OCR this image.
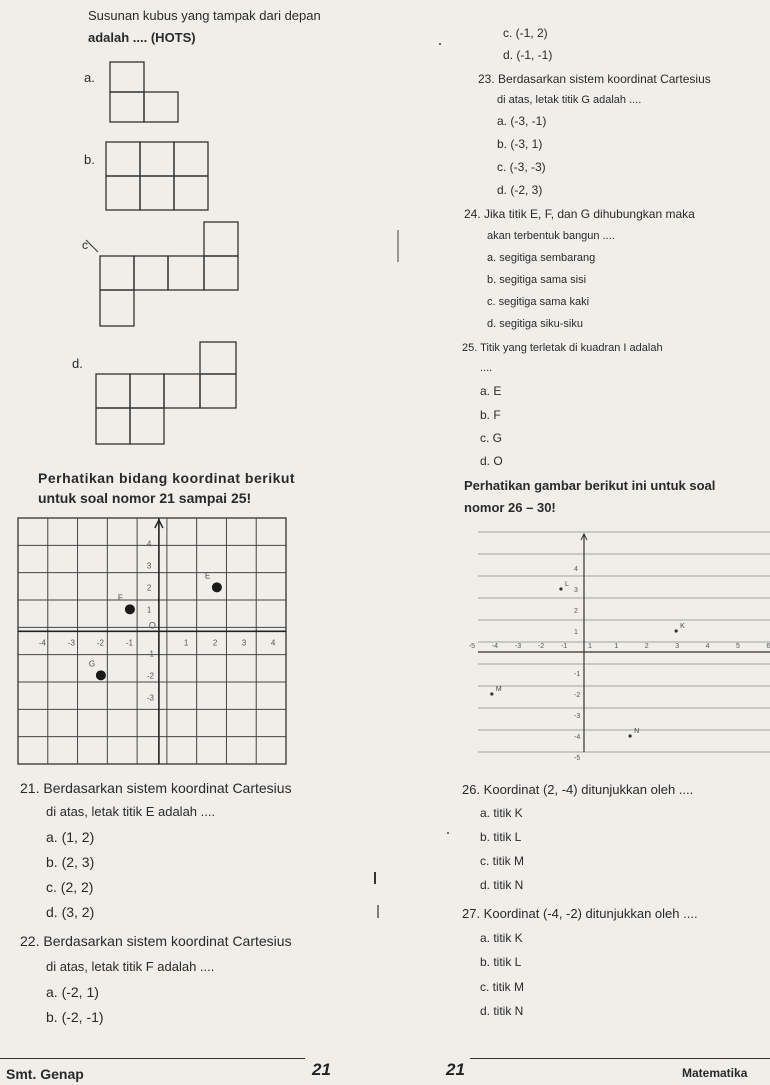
Susunan kubus yang tampak dari depan
adalah .... (HOTS)
a.
b.
c
d.
c. (-1, 2)
d. (-1, -1)
23. Berdasarkan sistem koordinat Cartesius
di atas, letak titik G adalah ....
a. (-3, -1)
b. (-3, 1)
c. (-3, -3)
d. (-2, 3)
24. Jika titik E, F, dan G dihubungkan maka
akan terbentuk bangun ....
a. segitiga sembarang
b. segitiga sama sisi
c. segitiga sama kaki
d. segitiga siku-siku
25. Titik yang terletak di kuadran I adalah
....
a. E
b. F
c. G
d. O
Perhatikan bidang koordinat berikut
untuk soal nomor 21 sampai 25!
Perhatikan gambar berikut ini untuk soal
nomor 26 – 30!
-4	-3	-2	-1	1	2	3	4
O
4
3
2
1
-1
-2
-3
E
F
G
-5 -4 -3 -2 -1	1	1	2	3	4	5	6
4
3
2
1
-1
-2
-3
-4
-5
K
L
M
N
21. Berdasarkan sistem koordinat Cartesius
di atas, letak titik E adalah ....
a. (1, 2)
b. (2, 3)
c. (2, 2)
d. (3, 2)
22. Berdasarkan sistem koordinat Cartesius
di atas, letak titik F adalah ....
a. (-2, 1)
b. (-2, -1)
26. Koordinat (2, -4) ditunjukkan oleh ....
a. titik K
b. titik L
c. titik M
d. titik N
27. Koordinat (-4, -2) ditunjukkan oleh ....
a. titik K
b. titik L
c. titik M
d. titik N
Smt. Genap	21	21	Matematika
